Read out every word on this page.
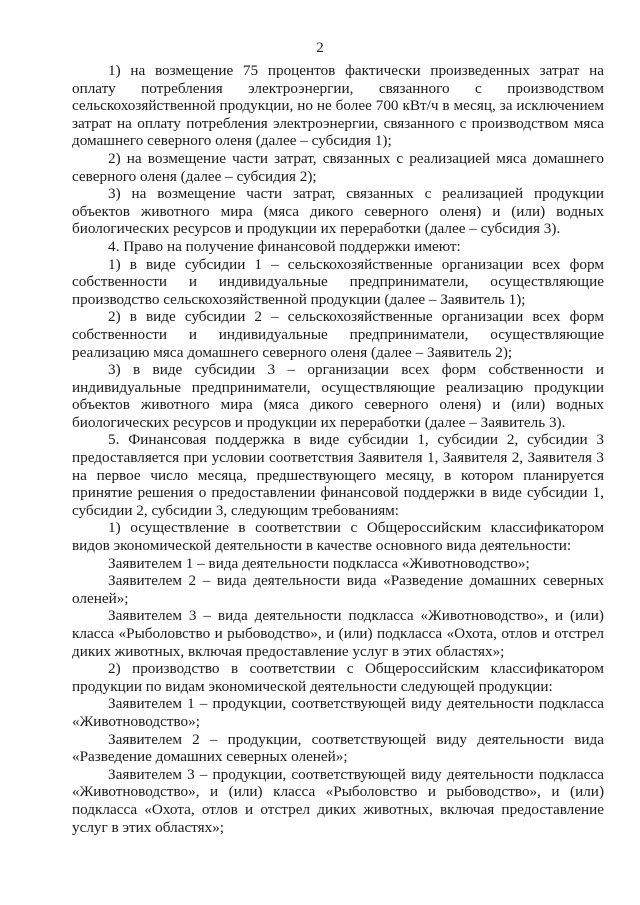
2

1) на возмещение 75 процентов фактически произведенных затрат на оплату потребления электроэнергии, связанного с производством сельскохозяйственной продукции, но не более 700 кВт/ч в месяц, за исключением затрат на оплату потребления электроэнергии, связанного с производством мяса домашнего северного оленя (далее – субсидия 1);

2) на возмещение части затрат, связанных с реализацией мяса домашнего северного оленя (далее – субсидия 2);

3) на возмещение части затрат, связанных с реализацией продукции объектов животного мира (мяса дикого северного оленя) и (или) водных биологических ресурсов и продукции их переработки (далее – субсидия 3).

4. Право на получение финансовой поддержки имеют:

1) в виде субсидии 1 – сельскохозяйственные организации всех форм собственности и индивидуальные предприниматели, осуществляющие производство сельскохозяйственной продукции (далее – Заявитель 1);

2) в виде субсидии 2 – сельскохозяйственные организации всех форм собственности и индивидуальные предприниматели, осуществляющие реализацию мяса домашнего северного оленя (далее – Заявитель 2);

3) в виде субсидии 3 – организации всех форм собственности и индивидуальные предприниматели, осуществляющие реализацию продукции объектов животного мира (мяса дикого северного оленя) и (или) водных биологических ресурсов и продукции их переработки (далее – Заявитель 3).

5. Финансовая поддержка в виде субсидии 1, субсидии 2, субсидии 3 предоставляется при условии соответствия Заявителя 1, Заявителя 2, Заявителя 3 на первое число месяца, предшествующего месяцу, в котором планируется принятие решения о предоставлении финансовой поддержки в виде субсидии 1, субсидии 2, субсидии 3, следующим требованиям:

1) осуществление в соответствии с Общероссийским классификатором видов экономической деятельности в качестве основного вида деятельности:

Заявителем 1 – вида деятельности подкласса «Животноводство»;

Заявителем 2 – вида деятельности вида «Разведение домашних северных оленей»;

Заявителем 3 – вида деятельности подкласса «Животноводство», и (или) класса «Рыболовство и рыбоводство», и (или) подкласса «Охота, отлов и отстрел диких животных, включая предоставление услуг в этих областях»;

2) производство в соответствии с Общероссийским классификатором продукции по видам экономической деятельности следующей продукции:

Заявителем 1 – продукции, соответствующей виду деятельности подкласса «Животноводство»;

Заявителем 2 – продукции, соответствующей виду деятельности вида «Разведение домашних северных оленей»;

Заявителем 3 – продукции, соответствующей виду деятельности подкласса «Животноводство», и (или) класса «Рыболовство и рыбоводство», и (или) подкласса «Охота, отлов и отстрел диких животных, включая предоставление услуг в этих областях»;
